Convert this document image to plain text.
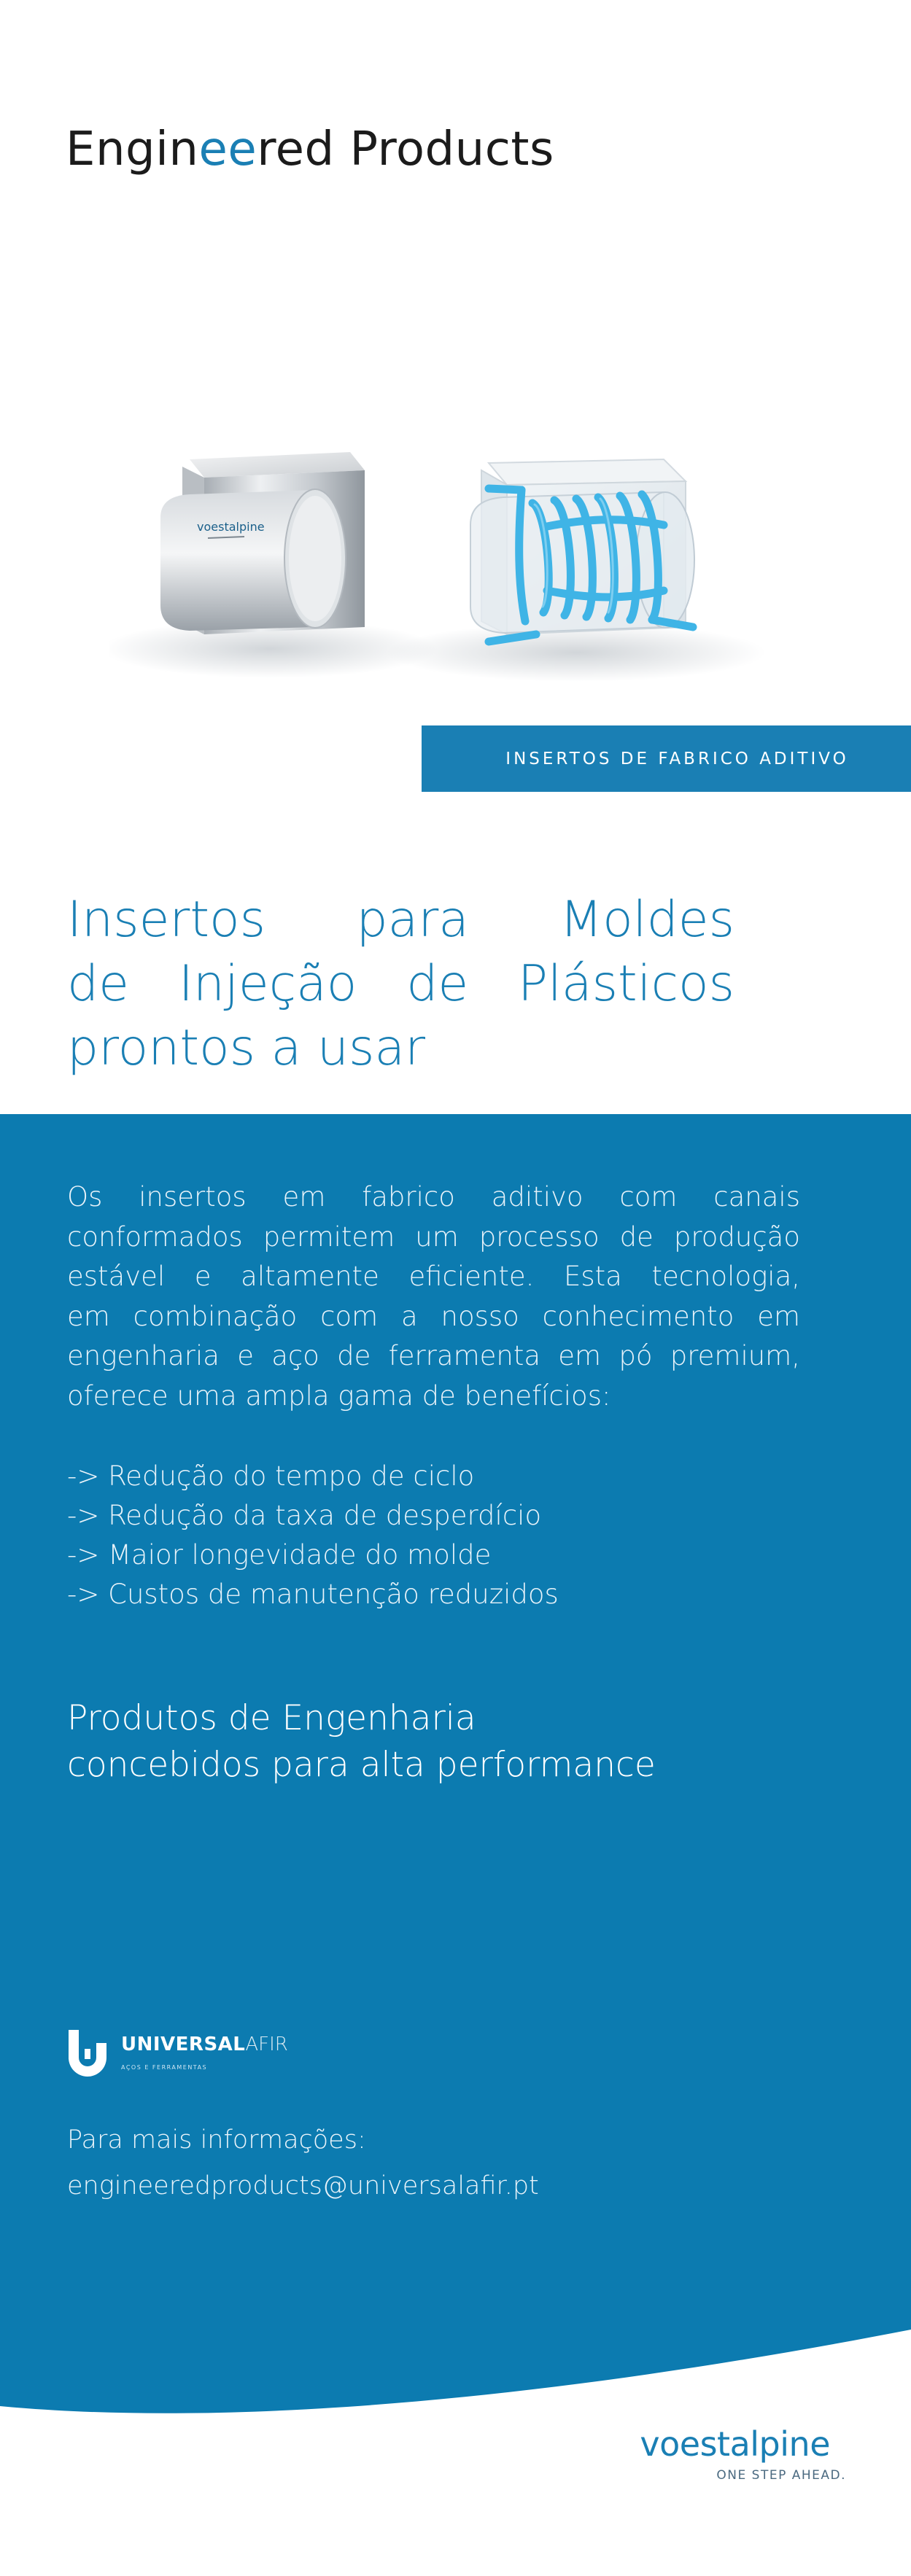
Engineered Products
voestalpine
INSERTOS DE FABRICO ADITIVO
Insertos para Moldes
de Injeção de Plásticos
prontos a usar
Os insertos em fabrico aditivo com canais
conformados permitem um processo de produção
estável e altamente eficiente. Esta tecnologia,
em combinação com a nosso conhecimento em
engenharia e aço de ferramenta em pó premium,
oferece uma ampla gama de benefícios:
-> Redução do tempo de ciclo
-> Redução da taxa de desperdício
-> Maior longevidade do molde
-> Custos de manutenção reduzidos
Produtos de Engenharia
concebidos para alta performance
UNIVERSALAFIR
AÇOS E FERRAMENTAS
Para mais informações:
engineeredproducts@universalafir.pt
voestalpine
ONE STEP AHEAD.
